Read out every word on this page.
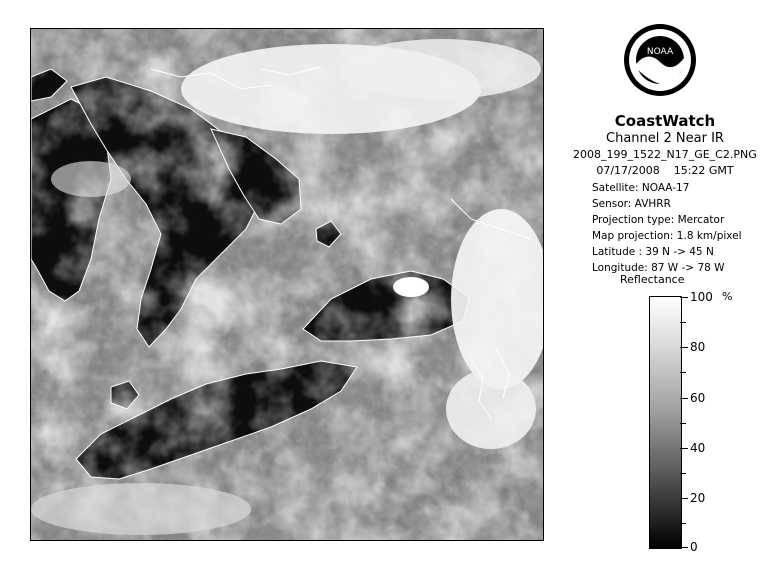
NOAA
CoastWatch
Channel 2 Near IR
2008_199_1522_N17_GE_C2.PNG
07/17/2008    15:22 GMT
Satellite: NOAA-17
Sensor: AVHRR
Projection type: Mercator
Map projection: 1.8 km/pixel
Latitude : 39 N -> 45 N
Longitude: 87 W -> 78 W
Reflectance
%
100
80
60
40
20
0
